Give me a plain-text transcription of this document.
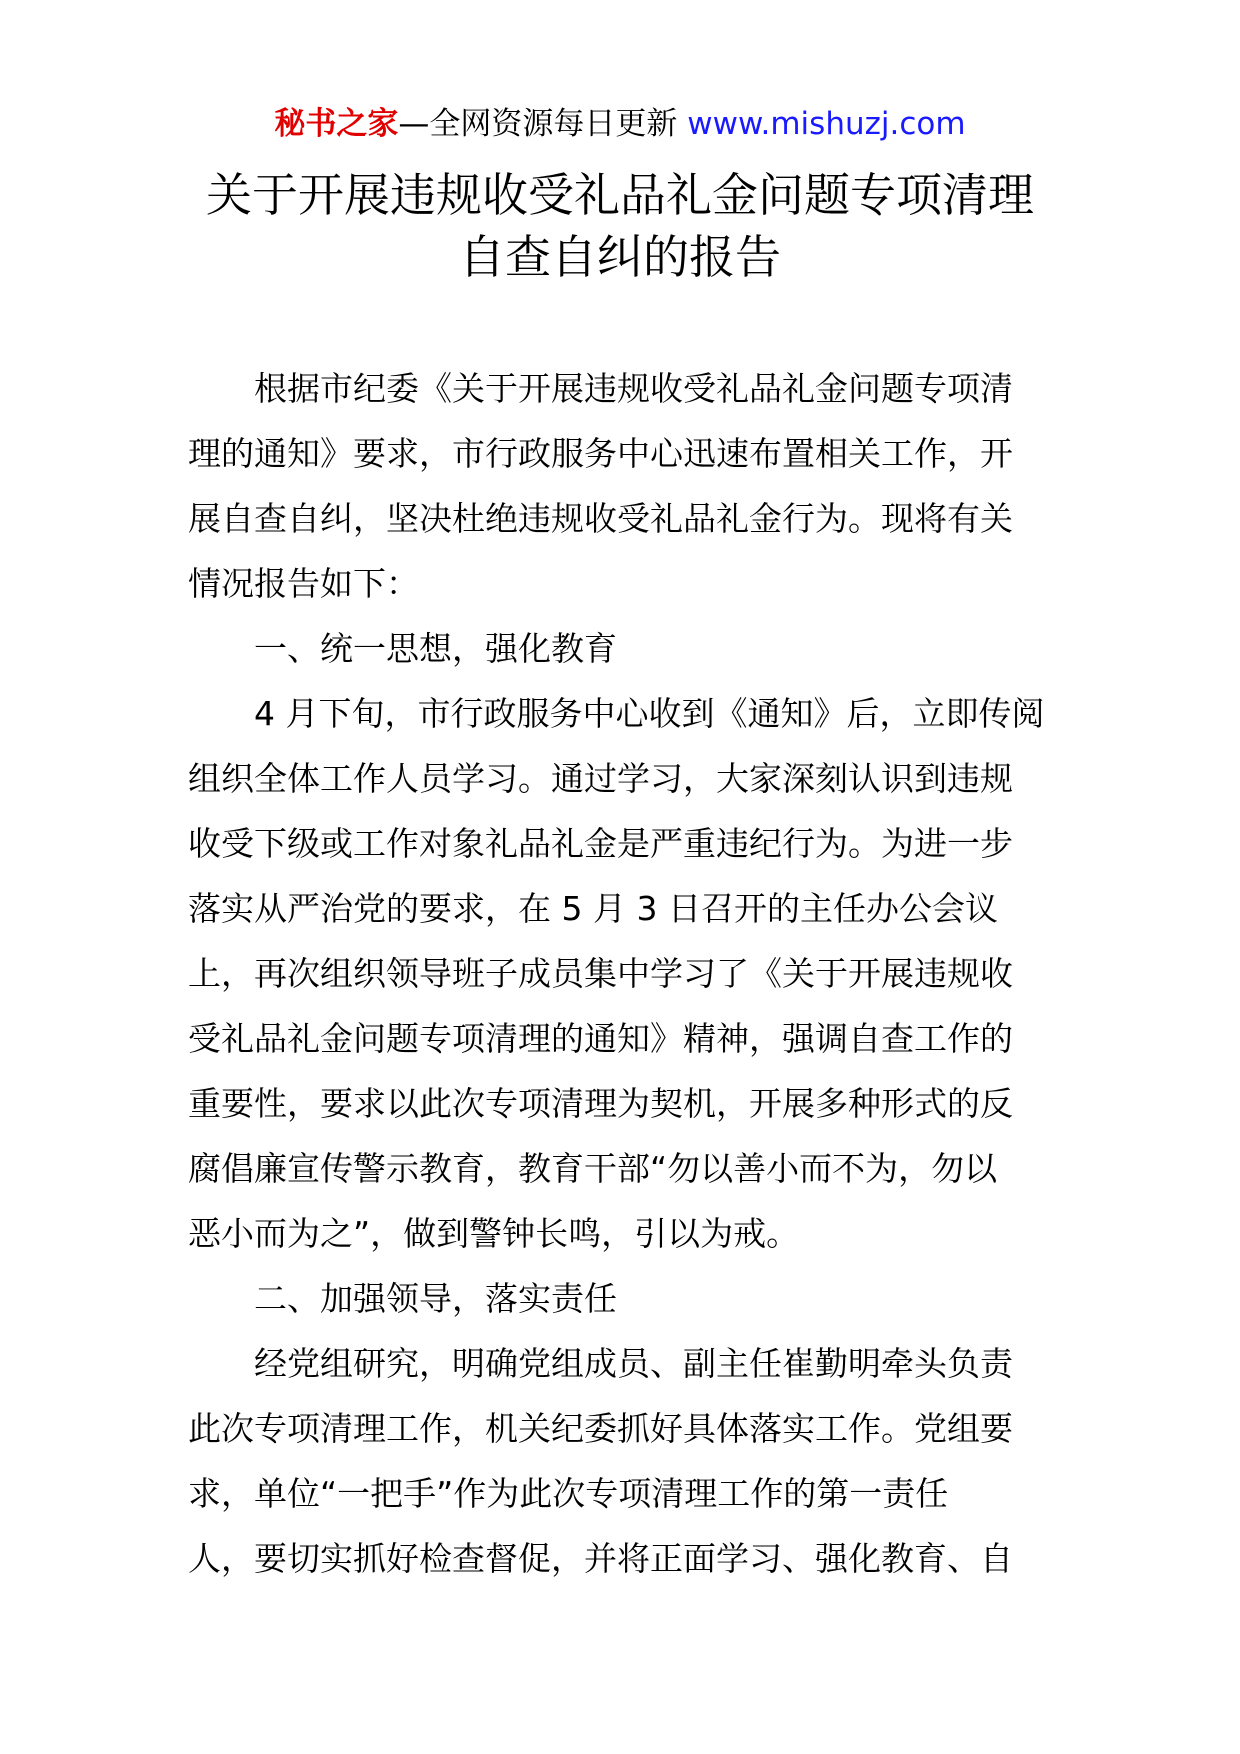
秘书之家—全网资源每日更新 www.mishuzj.com
关于开展违规收受礼品礼金问题专项清理
自查自纠的报告

根据市纪委《关于开展违规收受礼品礼金问题专项清
理的通知》要求，市行政服务中心迅速布置相关工作，开
展自查自纠，坚决杜绝违规收受礼品礼金行为。现将有关
情况报告如下：

一、统一思想，强化教育

4 月下旬，市行政服务中心收到《通知》后，立即传阅
组织全体工作人员学习。通过学习，大家深刻认识到违规
收受下级或工作对象礼品礼金是严重违纪行为。为进一步
落实从严治党的要求，在 5 月 3 日召开的主任办公会议
上，再次组织领导班子成员集中学习了《关于开展违规收
受礼品礼金问题专项清理的通知》精神，强调自查工作的
重要性，要求以此次专项清理为契机，开展多种形式的反
腐倡廉宣传警示教育，教育干部“勿以善小而不为，勿以
恶小而为之”，做到警钟长鸣，引以为戒。

二、加强领导，落实责任

经党组研究，明确党组成员、副主任崔勤明牵头负责
此次专项清理工作，机关纪委抓好具体落实工作。党组要
求，单位“一把手”作为此次专项清理工作的第一责任
人，要切实抓好检查督促，并将正面学习、强化教育、自
